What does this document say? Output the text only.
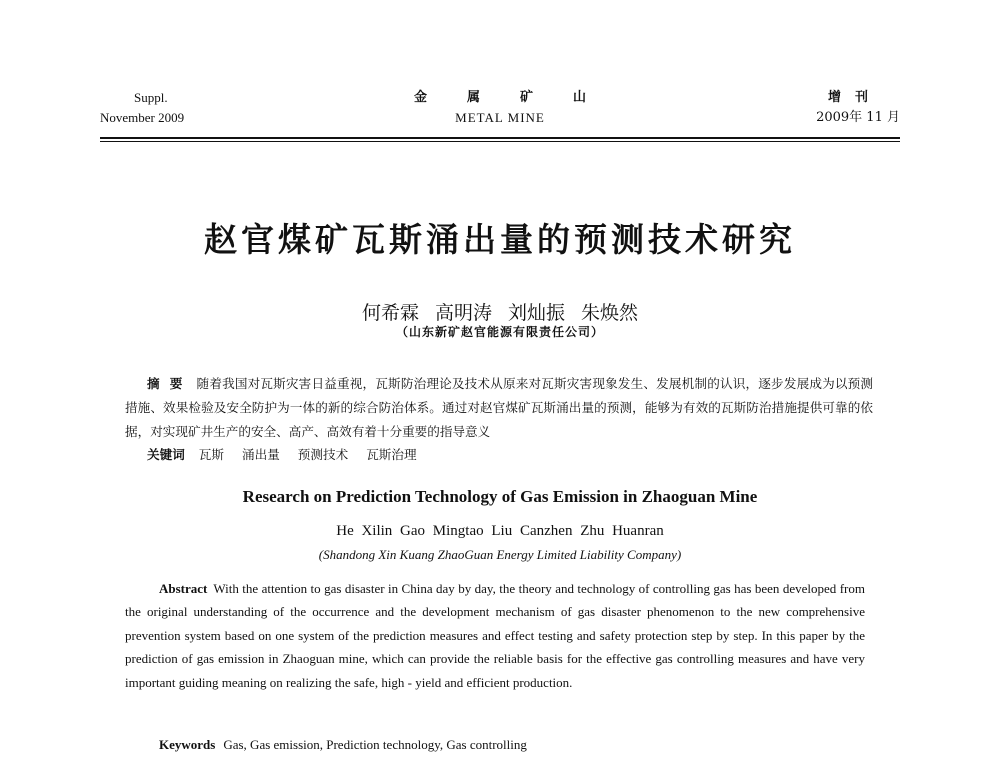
Suppl.
November 2009
金属矿山
METAL MINE
增刊
2009年 11 月
赵官煤矿瓦斯涌出量的预测技术研究
何希霖 高明涛 刘灿振 朱焕然
（山东新矿赵官能源有限责任公司）
摘要 随着我国对瓦斯灾害日益重视，瓦斯防治理论及技术从原来对瓦斯灾害现象发生、发展机制的认识，逐步发展成为以预测措施、效果检验及安全防护为一体的新的综合防治体系。通过对赵官煤矿瓦斯涌出量的预测，能够为有效的瓦斯防治措施提供可靠的依据，对实现矿井生产的安全、高产、高效有着十分重要的指导意义
关键词 瓦斯 涌出量 预测技术 瓦斯治理
Research on Prediction Technology of Gas Emission in Zhaoguan Mine
He Xilin Gao Mingtao Liu Canzhen Zhu Huanran
(Shandong Xin Kuang ZhaoGuan Energy Limited Liability Company)
Abstract With the attention to gas disaster in China day by day, the theory and technology of controlling gas has been developed from the original understanding of the occurrence and the development mechanism of gas disaster phenomenon to the new comprehensive prevention system based on one system of the prediction measures and effect testing and safety protection step by step. In this paper by the prediction of gas emission in Zhaoguan mine, which can provide the reliable basis for the effective gas controlling measures and have very important guiding meaning on realizing the safe, high - yield and efficient production.
Keywords Gas, Gas emission, Prediction technology, Gas controlling
